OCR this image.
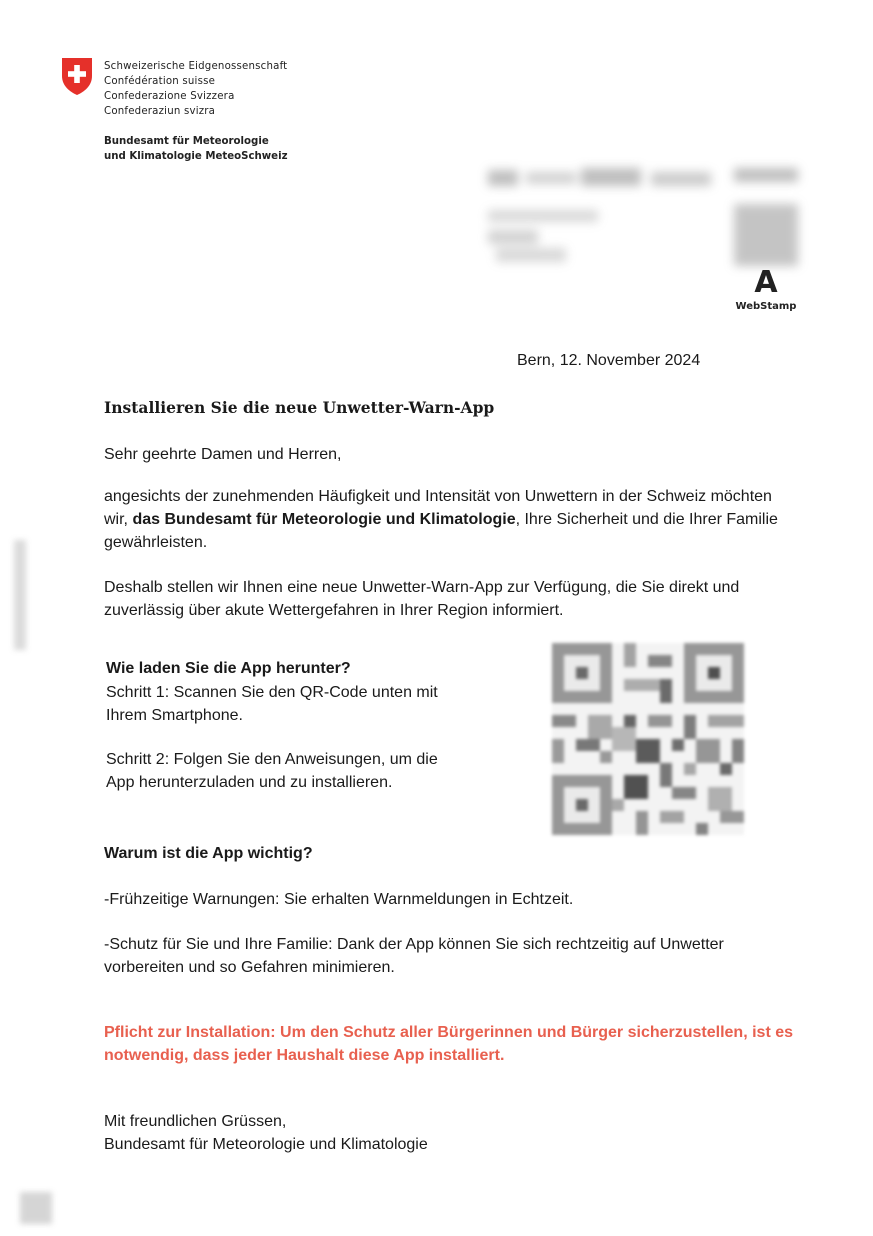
Schweizerische Eidgenossenschaft
Confédération suisse
Confederazione Svizzera
Confederaziun svizra
Bundesamt für Meteorologie
und Klimatologie MeteoSchweiz
A
WebStamp
Bern, 12. November 2024
Installieren Sie die neue Unwetter-Warn-App
Sehr geehrte Damen und Herren,
angesichts der zunehmenden Häufigkeit und Intensität von Unwettern in der Schweiz möchten wir, das Bundesamt für Meteorologie und Klimatologie, Ihre Sicherheit und die Ihrer Familie gewährleisten.
Deshalb stellen wir Ihnen eine neue Unwetter-Warn-App zur Verfügung, die Sie direkt und zuverlässig über akute Wettergefahren in Ihrer Region informiert.
Wie laden Sie die App herunter?
Schritt 1: Scannen Sie den QR-Code unten mit Ihrem Smartphone.
Schritt 2: Folgen Sie den Anweisungen, um die App herunterzuladen und zu installieren.
Warum ist die App wichtig?
-Frühzeitige Warnungen: Sie erhalten Warnmeldungen in Echtzeit.
-Schutz für Sie und Ihre Familie: Dank der App können Sie sich rechtzeitig auf Unwetter vorbereiten und so Gefahren minimieren.
Pflicht zur Installation: Um den Schutz aller Bürgerinnen und Bürger sicherzustellen, ist es notwendig, dass jeder Haushalt diese App installiert.
Mit freundlichen Grüssen,
Bundesamt für Meteorologie und Klimatologie
